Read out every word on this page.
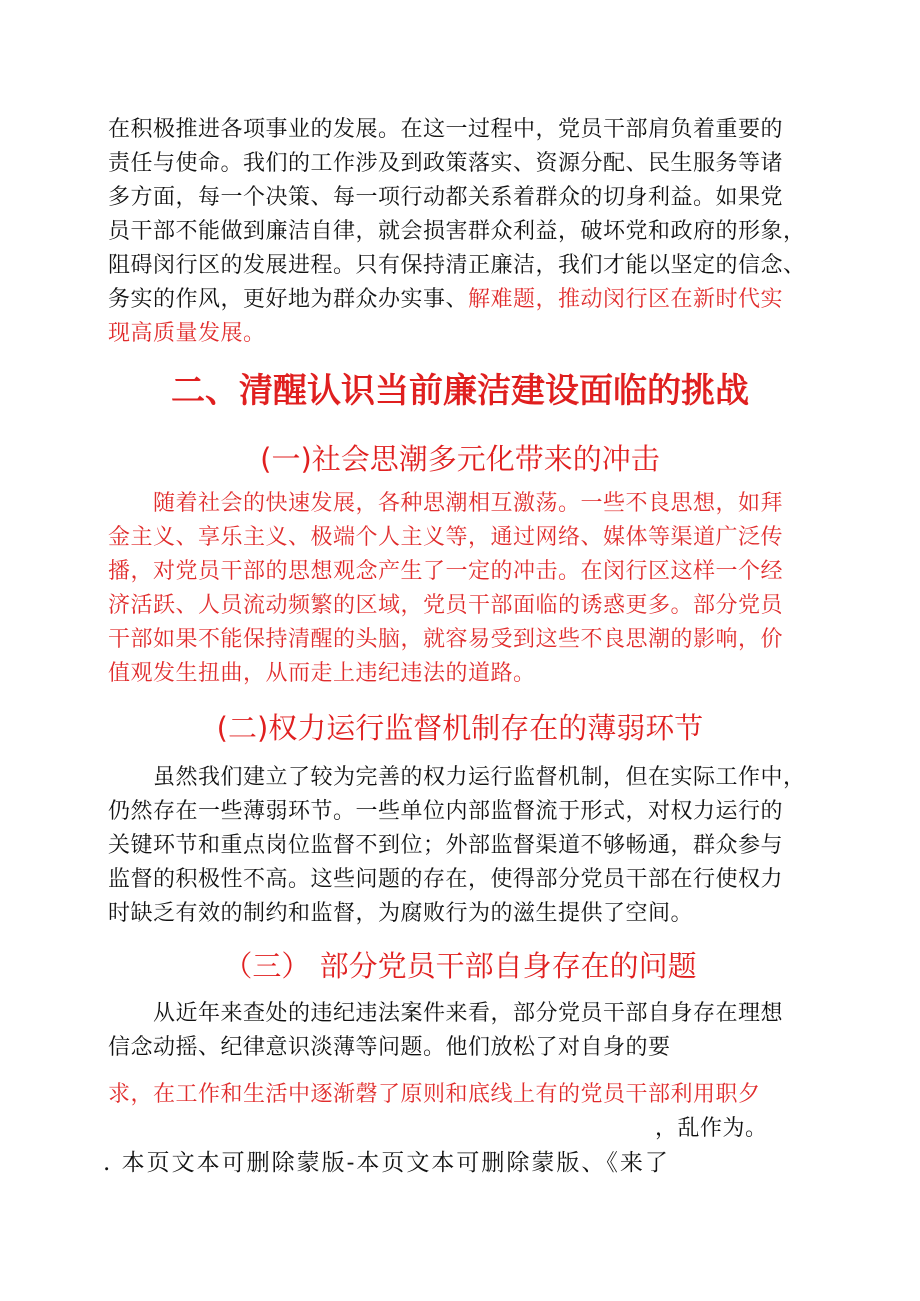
在积极推进各项事业的发展。在这一过程中，党员干部肩负着重要的
责任与使命。我们的工作涉及到政策落实、资源分配、民生服务等诸
多方面，每一个决策、每一项行动都关系着群众的切身利益。如果党
员干部不能做到廉洁自律，就会损害群众利益，破坏党和政府的形象，
阻碍闵行区的发展进程。只有保持清正廉洁，我们才能以坚定的信念、
务实的作风，更好地为群众办实事、解难题，推动闵行区在新时代实
现高质量发展。
二、清醒认识当前廉洁建设面临的挑战
(一)社会思潮多元化带来的冲击
　　随着社会的快速发展，各种思潮相互激荡。一些不良思想，如拜
金主义、享乐主义、极端个人主义等，通过网络、媒体等渠道广泛传
播，对党员干部的思想观念产生了一定的冲击。在闵行区这样一个经
济活跃、人员流动频繁的区域，党员干部面临的诱惑更多。部分党员
干部如果不能保持清醒的头脑，就容易受到这些不良思潮的影响，价
值观发生扭曲，从而走上违纪违法的道路。
(二)权力运行监督机制存在的薄弱环节
　　虽然我们建立了较为完善的权力运行监督机制，但在实际工作中，
仍然存在一些薄弱环节。一些单位内部监督流于形式，对权力运行的
关键环节和重点岗位监督不到位；外部监督渠道不够畅通，群众参与
监督的积极性不高。这些问题的存在，使得部分党员干部在行使权力
时缺乏有效的制约和监督，为腐败行为的滋生提供了空间。
（三） 部分党员干部自身存在的问题
　　从近年来查处的违纪违法案件来看，部分党员干部自身存在理想
信念动摇、纪律意识淡薄等问题。他们放松了对自身的要
求，在工作和生活中逐渐磬了原则和底线上有的党员干部利用职夕
，乱作为。
. 本页文本可删除蒙版-本页文本可删除蒙版、《来了
